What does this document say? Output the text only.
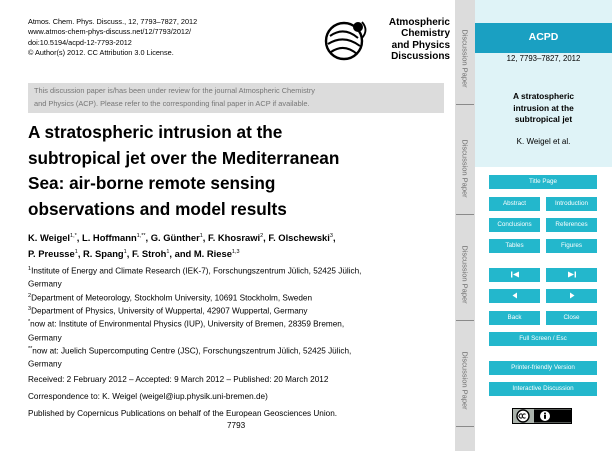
Atmos. Chem. Phys. Discuss., 12, 7793–7827, 2012
www.atmos-chem-phys-discuss.net/12/7793/2012/
doi:10.5194/acpd-12-7793-2012
© Author(s) 2012. CC Attribution 3.0 License.
Atmospheric
Chemistry
and Physics
Discussions
This discussion paper is/has been under review for the journal Atmospheric Chemistry
and Physics (ACP). Please refer to the corresponding final paper in ACP if available.
A stratospheric intrusion at the
subtropical jet over the Mediterranean
Sea: air-borne remote sensing
observations and model results
K. Weigel$^{1,*}$, L. Hoffmann$^{1,**}$, G. Günther$^1$, F. Khosrawi$^2$, F. Olschewski$^3$,
P. Preusse$^1$, R. Spang$^1$, F. Stroh$^1$, and M. Riese$^{1,3}$
$^1$Institute of Energy and Climate Research (IEK-7), Forschungszentrum Jülich, 52425 Jülich,
Germany
$^2$Department of Meteorology, Stockholm University, 10691 Stockholm, Sweden
$^3$Department of Physics, University of Wuppertal, 42907 Wuppertal, Germany
*now at: Institute of Environmental Physics (IUP), University of Bremen, 28359 Bremen,
Germany
**now at: Juelich Supercomputing Centre (JSC), Forschungszentrum Jülich, 52425 Jülich,
Germany
Received: 2 February 2012 – Accepted: 9 March 2012 – Published: 20 March 2012
Correspondence to: K. Weigel (weigel@iup.physik.uni-bremen.de)
Published by Copernicus Publications on behalf of the European Geosciences Union.
7793
Discussion Paper
Discussion Paper
Discussion Paper
Discussion Paper
ACPD
12, 7793–7827, 2012
A stratospheric
intrusion at the
subtropical jet
K. Weigel et al.
Title Page
Abstract	Introduction
Conclusions	References
Tables	Figures
Back	Close
Full Screen / Esc
Printer-friendly Version
Interactive Discussion
